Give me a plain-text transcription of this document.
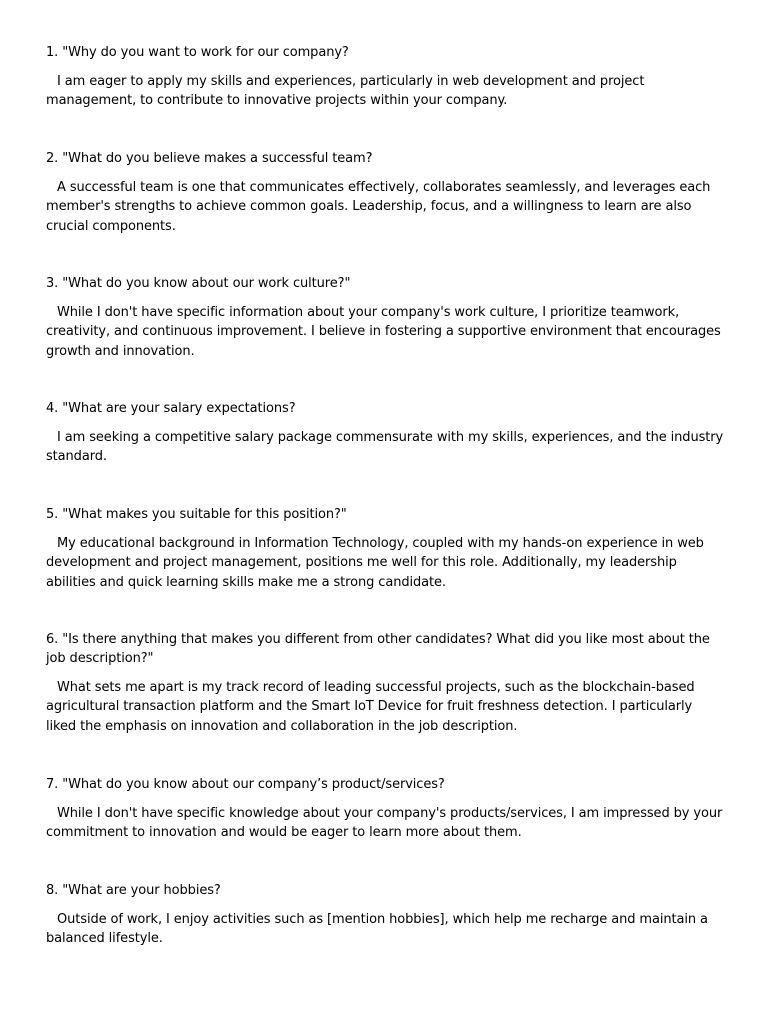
1. "Why do you want to work for our company?

I am eager to apply my skills and experiences, particularly in web development and project management, to contribute to innovative projects within your company.

2. "What do you believe makes a successful team?

A successful team is one that communicates effectively, collaborates seamlessly, and leverages each member's strengths to achieve common goals. Leadership, focus, and a willingness to learn are also crucial components.

3. "What do you know about our work culture?"

While I don't have specific information about your company's work culture, I prioritize teamwork, creativity, and continuous improvement. I believe in fostering a supportive environment that encourages growth and innovation.

4. "What are your salary expectations?

I am seeking a competitive salary package commensurate with my skills, experiences, and the industry standard.

5. "What makes you suitable for this position?"

My educational background in Information Technology, coupled with my hands-on experience in web development and project management, positions me well for this role. Additionally, my leadership abilities and quick learning skills make me a strong candidate.

6. "Is there anything that makes you different from other candidates? What did you like most about the job description?"

What sets me apart is my track record of leading successful projects, such as the blockchain-based agricultural transaction platform and the Smart IoT Device for fruit freshness detection. I particularly liked the emphasis on innovation and collaboration in the job description.

7. "What do you know about our company’s product/services?

While I don't have specific knowledge about your company's products/services, I am impressed by your commitment to innovation and would be eager to learn more about them.

8. "What are your hobbies?

Outside of work, I enjoy activities such as [mention hobbies], which help me recharge and maintain a balanced lifestyle.
